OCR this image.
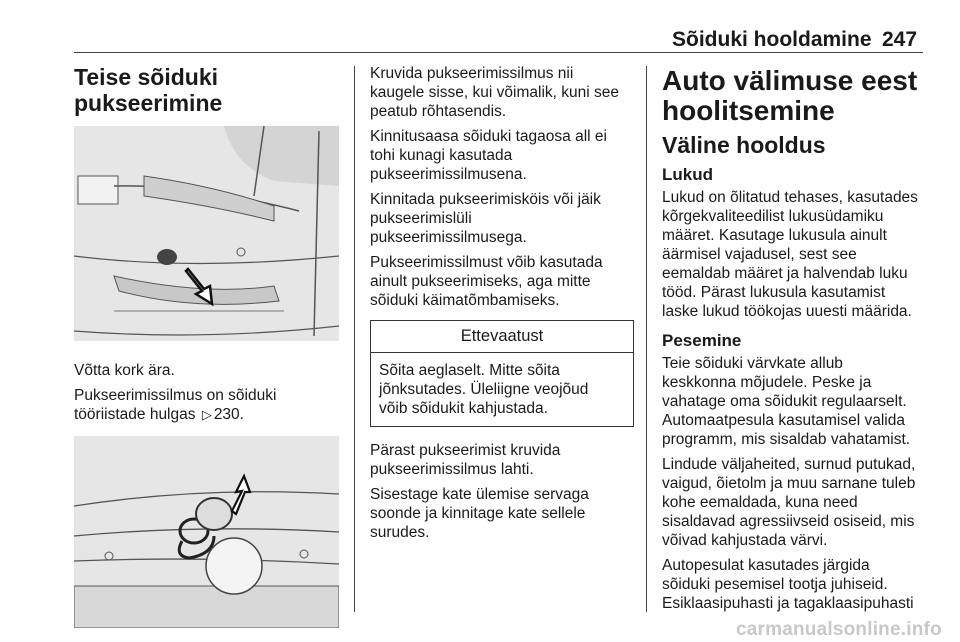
Sõiduki hooldamine 247
Teise sõiduki pukseerimine

Võtta kork ära.

Pukseerimissilmus on sõiduki
tööriistade hulgas ▷ 230.

Kruvida pukseerimissilmus nii
kaugele sisse, kui võimalik, kuni see
peatub rõhtasendis.

Kinnitusaasa sõiduki tagaosa all ei
tohi kunagi kasutada
pukseerimissilmusena.

Kinnitada pukseerimisköis või jäik
pukseerimislüli
pukseerimissilmusega.

Pukseerimissilmust võib kasutada
ainult pukseerimiseks, aga mitte
sõiduki käimatõmbamiseks.

Ettevaatust
Sõita aeglaselt. Mitte sõita
jõnksutades. Üleliigne veojõud
võib sõidukit kahjustada.

Pärast pukseerimist kruvida
pukseerimissilmus lahti.

Sisestage kate ülemise servaga
soonde ja kinnitage kate sellele
surudes.

Auto välimuse eest
hoolitsemine
Väline hooldus
Lukud

Lukud on õlitatud tehases, kasutades
kõrgekvaliteedilist lukusüdamiku
määret. Kasutage lukusula ainult
äärmisel vajadusel, sest see
eemaldab määret ja halvendab luku
tööd. Pärast lukusula kasutamist
laske lukud töökojas uuesti määrida.

Pesemine

Teie sõiduki värvkate allub
keskkonna mõjudele. Peske ja
vahatage oma sõidukit regulaarselt.
Automaatpesula kasutamisel valida
programm, mis sisaldab vahatamist.

Lindude väljaheited, surnud putukad,
vaigud, õietolm ja muu sarnane tuleb
kohe eemaldada, kuna need
sisaldavad agressiivseid osiseid, mis
võivad kahjustada värvi.

Autopesulat kasutades järgida
sõiduki pesemisel tootja juhiseid.
Esiklaasipuhasti ja tagaklaasipuhasti

carmanualsonline.info
